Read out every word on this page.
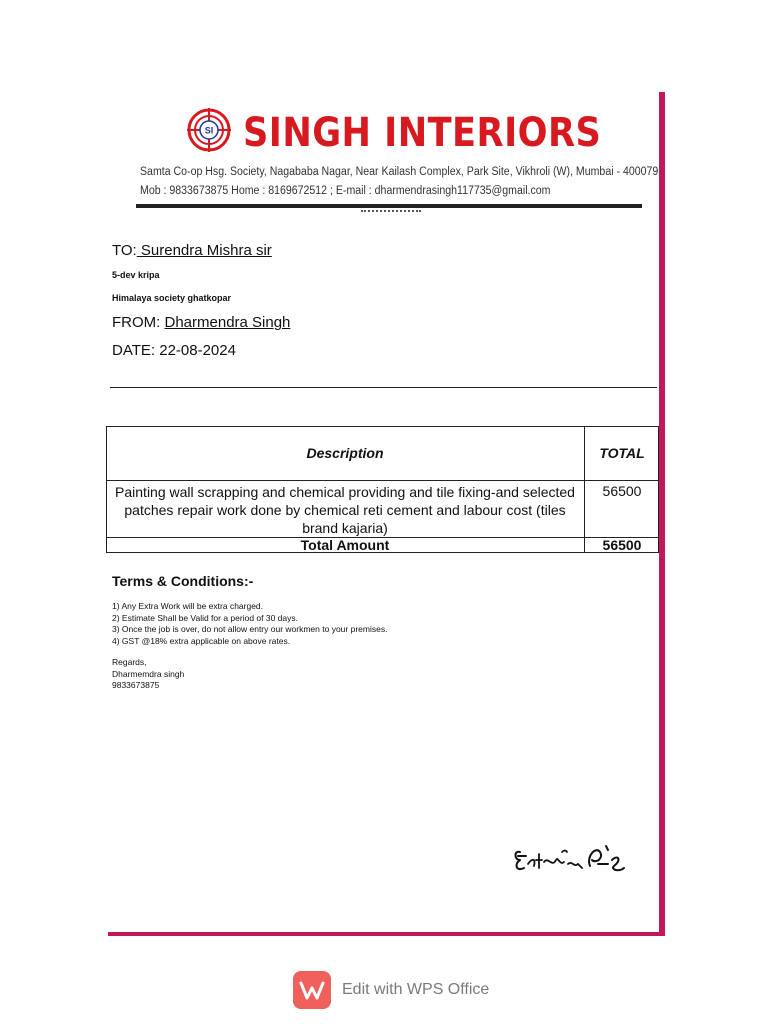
SI SINGH INTERIORS
Samta Co-op Hsg. Society, Nagababa Nagar, Near Kailash Complex, Park Site, Vikhroli (W), Mumbai - 400079
Mob : 9833673875 Home : 8169672512 ; E-mail : dharmendrasingh117735@gmail.com
TO: Surendra Mishra sir
5-dev kripa
Himalaya society ghatkopar
FROM: Dharmendra Singh
DATE: 22-08-2024
Description	TOTAL
Painting wall scrapping and chemical providing and tile fixing-and selected patches repair work done by chemical reti cement and labour cost (tiles brand kajaria)
56500
Total Amount	56500
Terms & Conditions:-
1) Any Extra Work will be extra charged.
2) Estimate Shall be Valid for a period of 30 days.
3) Once the job is over, do not allow entry our workmen to your premises.
4) GST @18% extra applicable on above rates.
Regards,
Dharmemdra singh
9833673875
Edit with WPS Office
